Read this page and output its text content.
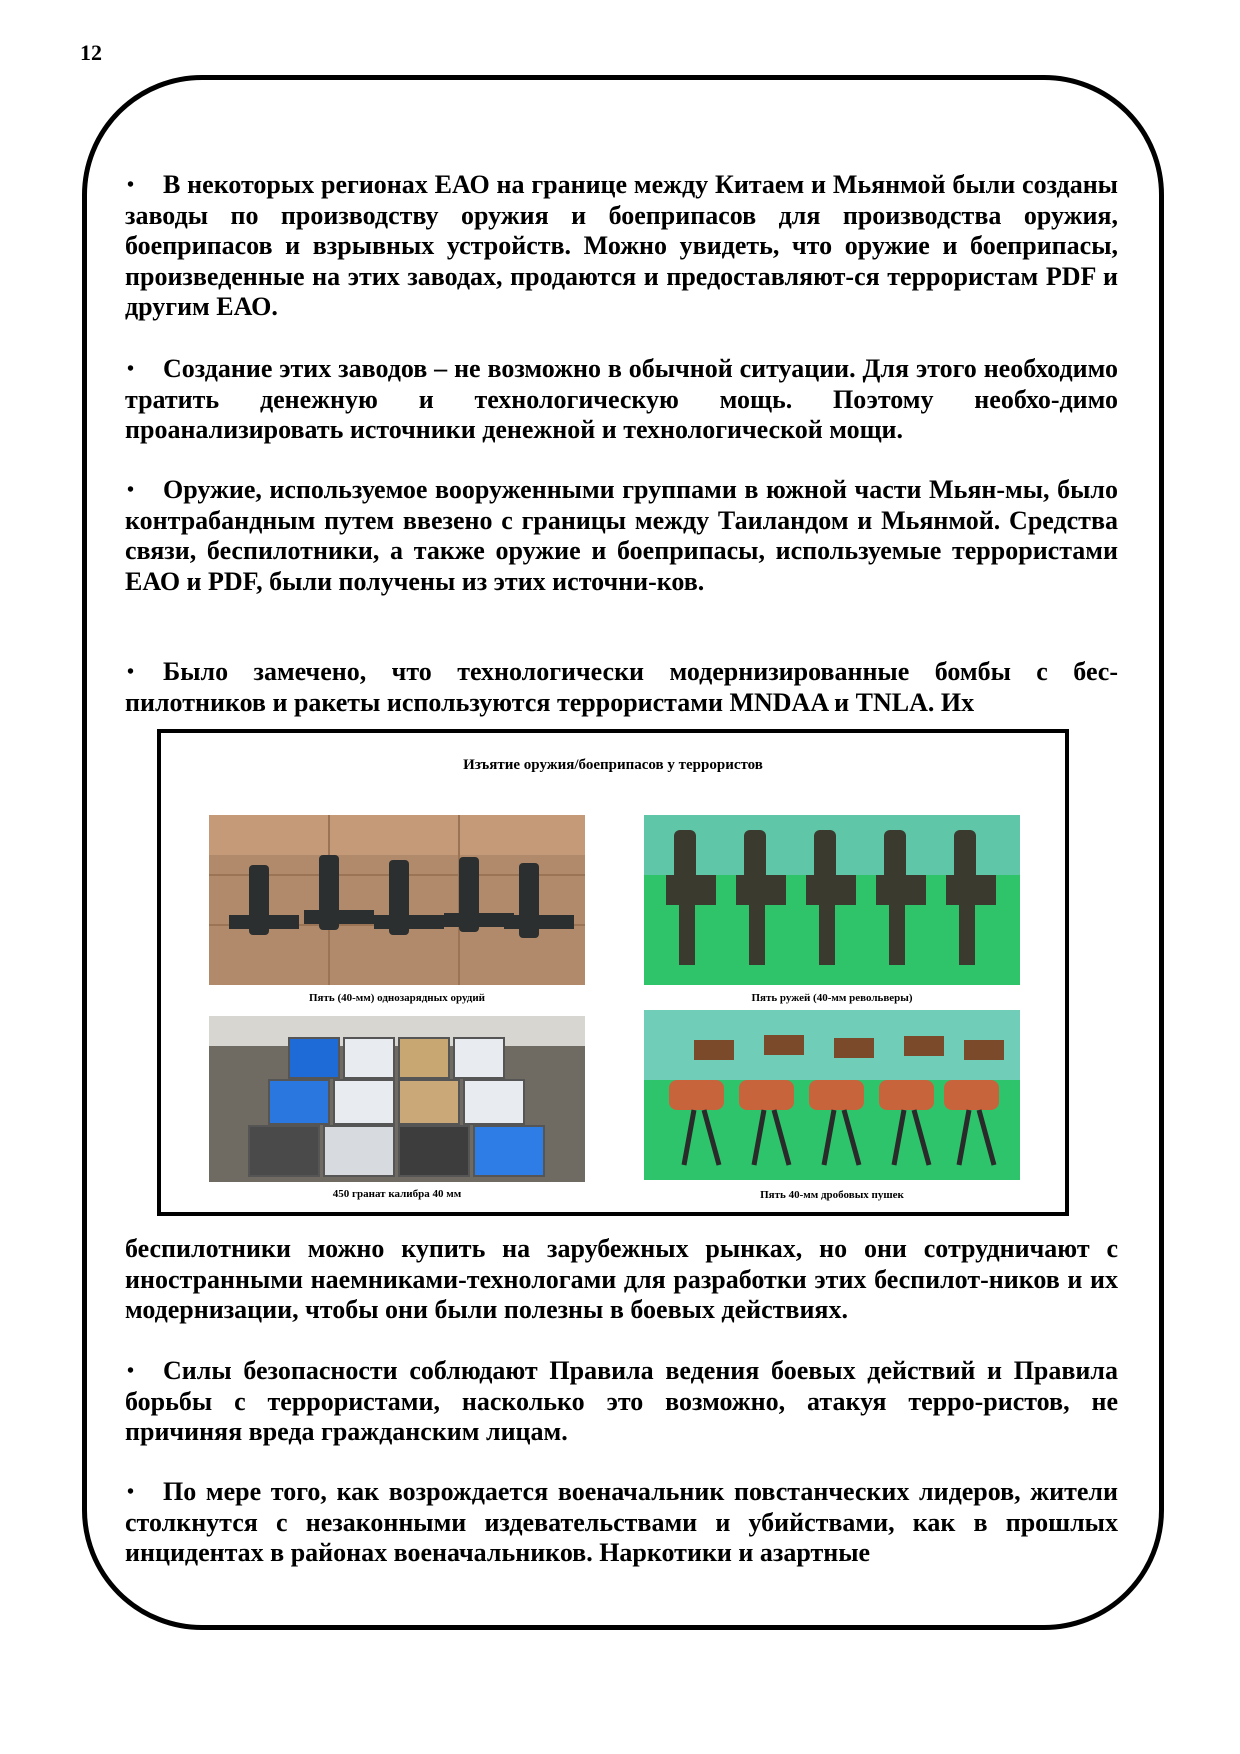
12

• В некоторых регионах ЕАО на границе между Китаем и Мьянмой были созданы заводы по производству оружия и боеприпасов для производства оружия, боеприпасов и взрывных устройств. Можно увидеть, что оружие и боеприпасы, произведенные на этих заводах, продаются и предоставляют-ся террористам PDF и другим ЕАО.

• Создание этих заводов – не возможно в обычной ситуации. Для этого необходимо тратить денежную и технологическую мощь. Поэтому необхо-димо проанализировать источники денежной и технологической мощи.

• Оружие, используемое вооруженными группами в южной части Мьян-мы, было контрабандным путем ввезено с границы между Таиландом и Мьянмой. Средства связи, беспилотники, а также оружие и боеприпасы, используемые террористами ЕАО и PDF, были получены из этих источни-ков.

• Было замечено, что технологически модернизированные бомбы с бес-пилотников и ракеты используются террористами MNDAA и TNLA. Их

Изъятие оружия/боеприпасов у террористов
Пять (40-мм) однозарядных орудий	Пять ружей (40-мм револьверы)
450 гранат калибра 40 мм	Пять 40-мм дробовых пушек

беспилотники можно купить на зарубежных рынках, но они сотрудничают с иностранными наемниками-технологами для разработки этих беспилот-ников и их модернизации, чтобы они были полезны в боевых действиях.

• Силы безопасности соблюдают Правила ведения боевых действий и Правила борьбы с террористами, насколько это возможно, атакуя терро-ристов, не причиняя вреда гражданским лицам.

• По мере того, как возрождается военачальник повстанческих лидеров, жители столкнутся с незаконными издевательствами и убийствами, как в прошлых инцидентах в районах военачальников. Наркотики и азартные
